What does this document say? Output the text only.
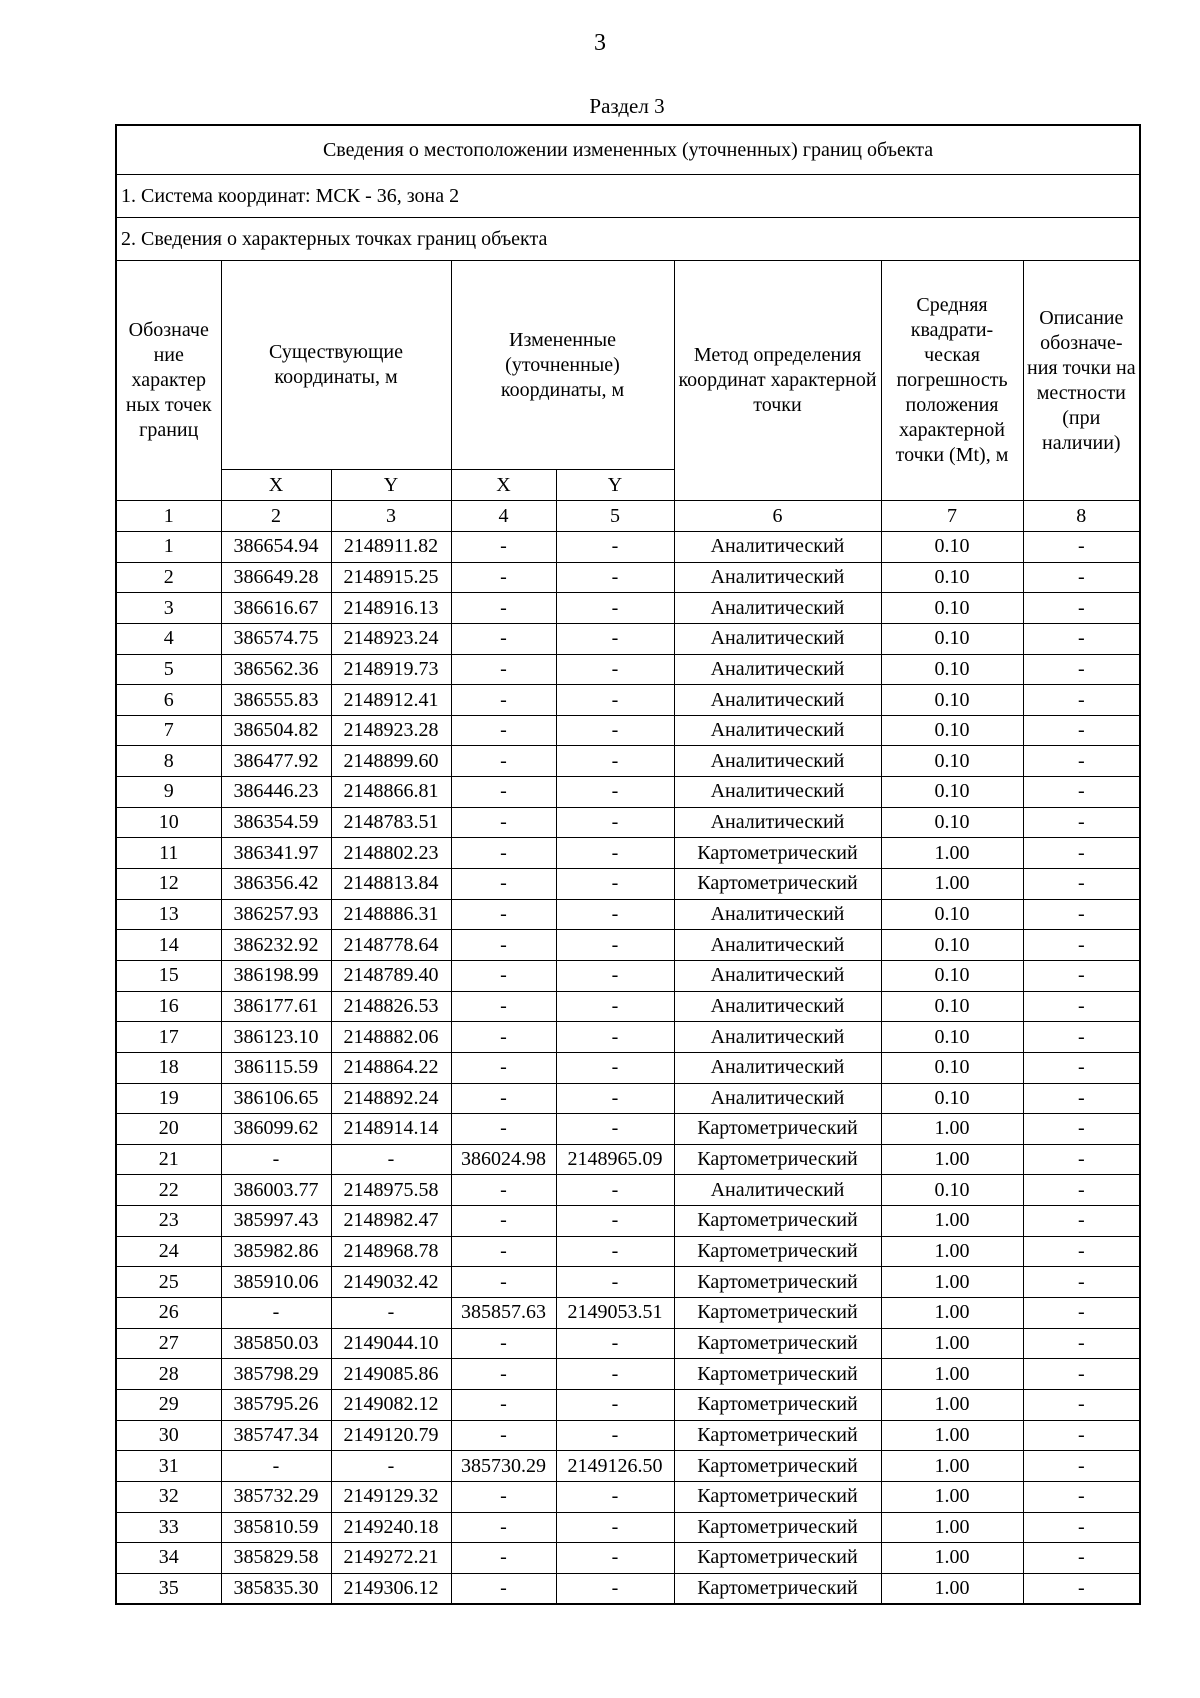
3
Раздел 3
Сведения о местоположении измененных (уточненных) границ объекта							
1. Система координат: МСК - 36, зона 2							
2. Сведения о характерных точках границ объекта							
Обозначе ние характер ных точек границ	Существующие координаты, м		Измененные (уточненные) координаты, м		Метод определения координат характерной точки	Средняя квадрати- ческая погрешность положения характерной точки (Mt), м	Описание обозначе- ния точки на местности (при наличии)
	X	Y	X	Y			
1	2	3	4	5	6	7	8
1	386654.94	2148911.82	-	-	Аналитический	0.10	-
2	386649.28	2148915.25	-	-	Аналитический	0.10	-
3	386616.67	2148916.13	-	-	Аналитический	0.10	-
4	386574.75	2148923.24	-	-	Аналитический	0.10	-
5	386562.36	2148919.73	-	-	Аналитический	0.10	-
6	386555.83	2148912.41	-	-	Аналитический	0.10	-
7	386504.82	2148923.28	-	-	Аналитический	0.10	-
8	386477.92	2148899.60	-	-	Аналитический	0.10	-
9	386446.23	2148866.81	-	-	Аналитический	0.10	-
10	386354.59	2148783.51	-	-	Аналитический	0.10	-
11	386341.97	2148802.23	-	-	Картометрический	1.00	-
12	386356.42	2148813.84	-	-	Картометрический	1.00	-
13	386257.93	2148886.31	-	-	Аналитический	0.10	-
14	386232.92	2148778.64	-	-	Аналитический	0.10	-
15	386198.99	2148789.40	-	-	Аналитический	0.10	-
16	386177.61	2148826.53	-	-	Аналитический	0.10	-
17	386123.10	2148882.06	-	-	Аналитический	0.10	-
18	386115.59	2148864.22	-	-	Аналитический	0.10	-
19	386106.65	2148892.24	-	-	Аналитический	0.10	-
20	386099.62	2148914.14	-	-	Картометрический	1.00	-
21	-	-	386024.98	2148965.09	Картометрический	1.00	-
22	386003.77	2148975.58	-	-	Аналитический	0.10	-
23	385997.43	2148982.47	-	-	Картометрический	1.00	-
24	385982.86	2148968.78	-	-	Картометрический	1.00	-
25	385910.06	2149032.42	-	-	Картометрический	1.00	-
26	-	-	385857.63	2149053.51	Картометрический	1.00	-
27	385850.03	2149044.10	-	-	Картометрический	1.00	-
28	385798.29	2149085.86	-	-	Картометрический	1.00	-
29	385795.26	2149082.12	-	-	Картометрический	1.00	-
30	385747.34	2149120.79	-	-	Картометрический	1.00	-
31	-	-	385730.29	2149126.50	Картометрический	1.00	-
32	385732.29	2149129.32	-	-	Картометрический	1.00	-
33	385810.59	2149240.18	-	-	Картометрический	1.00	-
34	385829.58	2149272.21	-	-	Картометрический	1.00	-
35	385835.30	2149306.12	-	-	Картометрический	1.00	-
